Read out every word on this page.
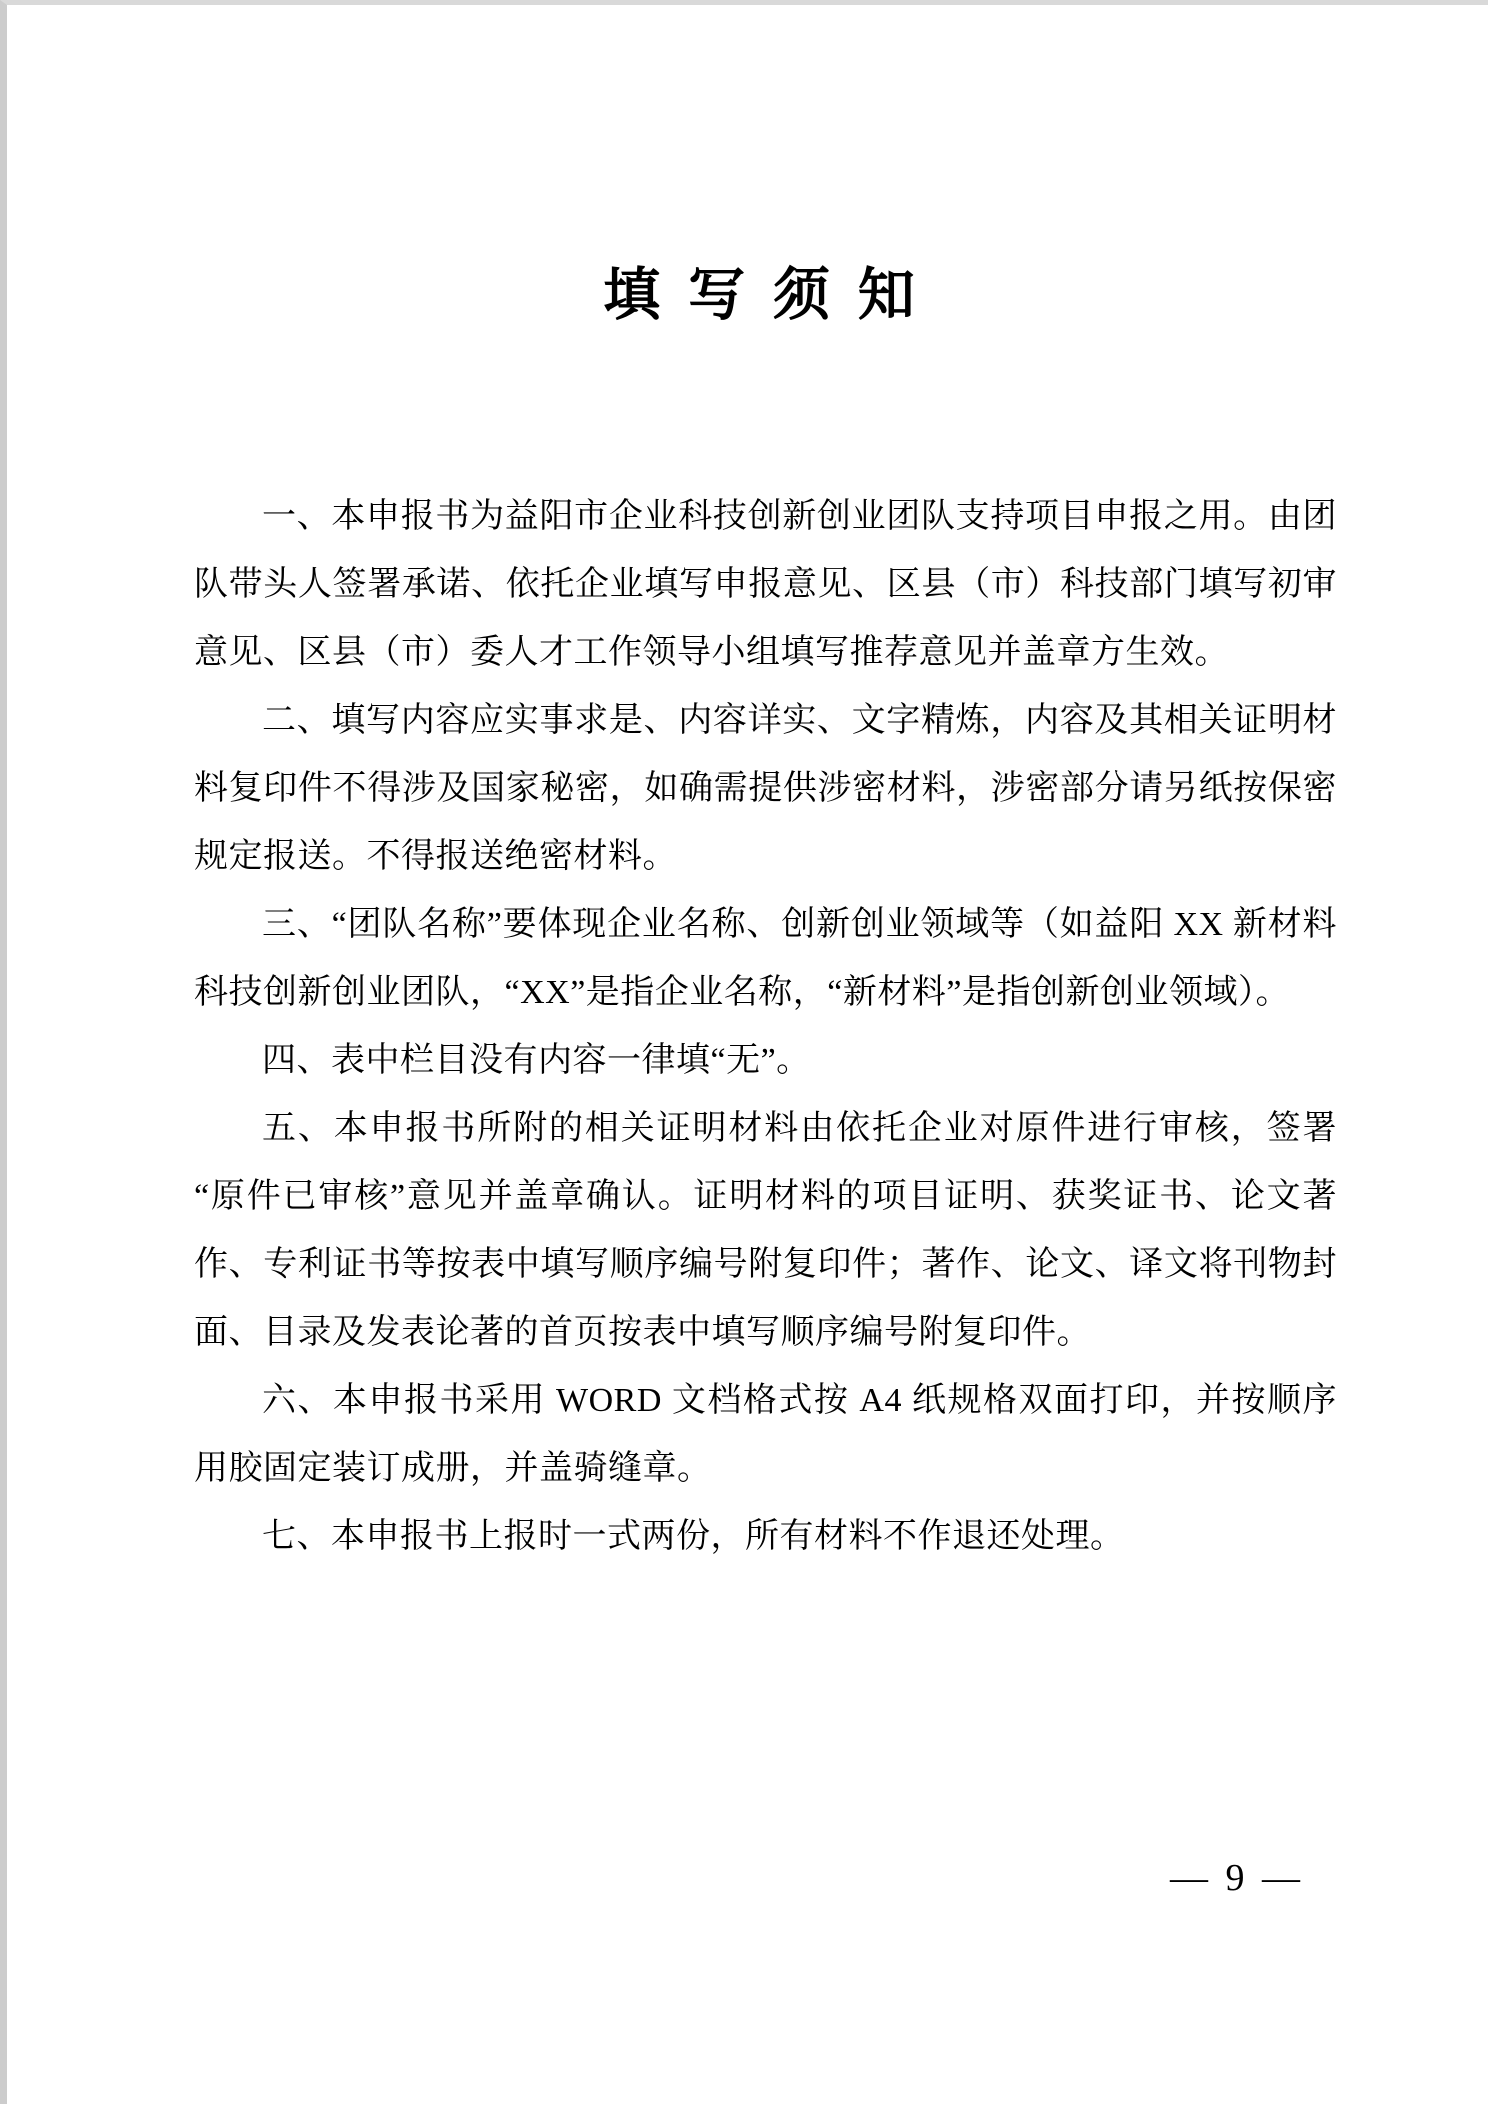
填 写 须 知

一、本申报书为益阳市企业科技创新创业团队支持项目申报之用。由团队带头人签署承诺、依托企业填写申报意见、区县（市）科技部门填写初审意见、区县（市）委人才工作领导小组填写推荐意见并盖章方生效。

二、填写内容应实事求是、内容详实、文字精炼，内容及其相关证明材料复印件不得涉及国家秘密，如确需提供涉密材料，涉密部分请另纸按保密规定报送。不得报送绝密材料。

三、“团队名称”要体现企业名称、创新创业领域等（如益阳 XX 新材料科技创新创业团队，“XX”是指企业名称，“新材料”是指创新创业领域）。

四、表中栏目没有内容一律填“无”。

五、本申报书所附的相关证明材料由依托企业对原件进行审核，签署“原件已审核”意见并盖章确认。证明材料的项目证明、获奖证书、论文著作、专利证书等按表中填写顺序编号附复印件；著作、论文、译文将刊物封面、目录及发表论著的首页按表中填写顺序编号附复印件。

六、本申报书采用 WORD 文档格式按 A4 纸规格双面打印，并按顺序用胶固定装订成册，并盖骑缝章。

七、本申报书上报时一式两份，所有材料不作退还处理。

— 9 —
